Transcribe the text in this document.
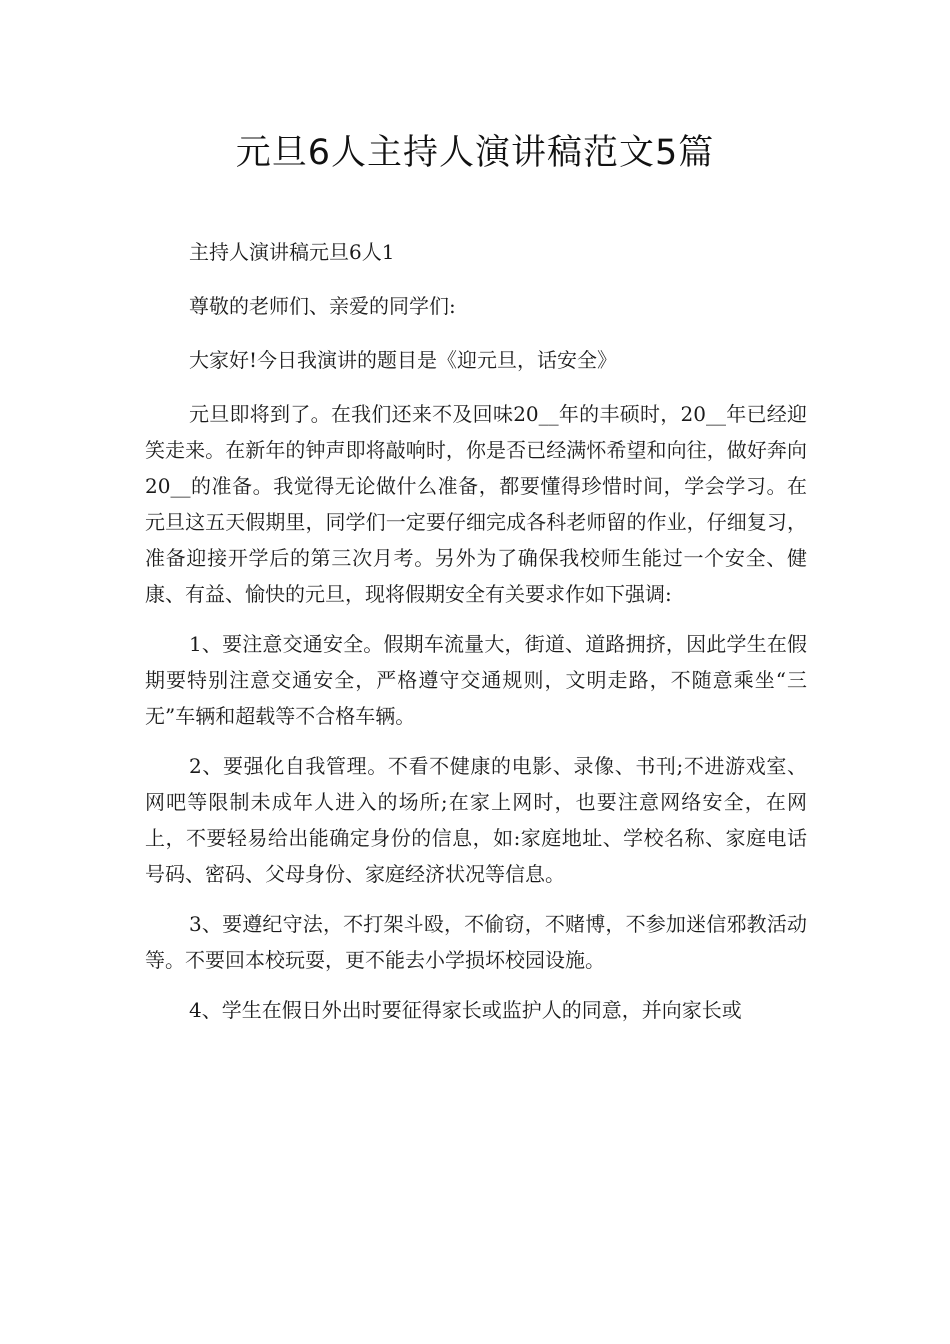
元旦6人主持人演讲稿范文5篇

主持人演讲稿元旦6人1

尊敬的老师们、亲爱的同学们:

大家好!今日我演讲的题目是《迎元旦，话安全》

元旦即将到了。在我们还来不及回味20__年的丰硕时，20__年已经迎笑走来。在新年的钟声即将敲响时，你是否已经满怀希望和向往，做好奔向20__的准备。我觉得无论做什么准备，都要懂得珍惜时间，学会学习。在元旦这五天假期里，同学们一定要仔细完成各科老师留的作业，仔细复习，准备迎接开学后的第三次月考。另外为了确保我校师生能过一个安全、健康、有益、愉快的元旦，现将假期安全有关要求作如下强调:

1、要注意交通安全。假期车流量大，街道、道路拥挤，因此学生在假期要特别注意交通安全，严格遵守交通规则，文明走路，不随意乘坐“三无”车辆和超载等不合格车辆。

2、要强化自我管理。不看不健康的电影、录像、书刊;不进游戏室、网吧等限制未成年人进入的场所;在家上网时，也要注意网络安全，在网上，不要轻易给出能确定身份的信息，如:家庭地址、学校名称、家庭电话号码、密码、父母身份、家庭经济状况等信息。

3、要遵纪守法，不打架斗殴，不偷窃，不赌博，不参加迷信邪教活动等。不要回本校玩耍，更不能去小学损坏校园设施。

4、学生在假日外出时要征得家长或监护人的同意，并向家长或
